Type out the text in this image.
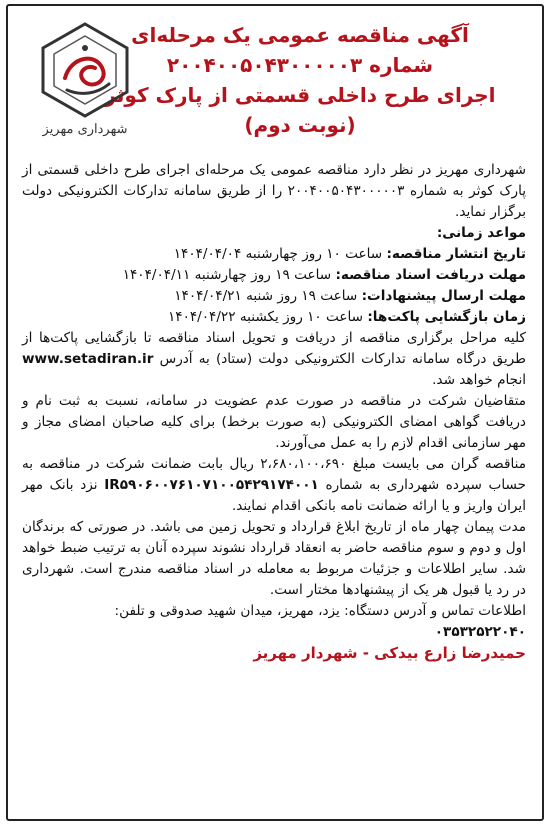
آگهی مناقصه عمومی یک مرحله‌ای
شماره ۲۰۰۴۰۰۵۰۴۳۰۰۰۰۰۳
اجرای طرح داخلی قسمتی از پارک کوثر
(نوبت دوم)
شهرداری مهریز

شهرداری مهریز در نظر دارد مناقصه عمومی یک مرحله‌ای اجرای طرح داخلی قسمتی از پارک کوثر به شماره ۲۰۰۴۰۰۵۰۴۳۰۰۰۰۰۳ را از طریق سامانه تدارکات الکترونیکی دولت برگزار نماید.

مواعد زمانی:

تاریخ انتشار مناقصه: ساعت ۱۰ روز چهارشنبه ۱۴۰۴/۰۴/۰۴

مهلت دریافت اسناد مناقصه: ساعت ۱۹ روز چهارشنبه ۱۴۰۴/۰۴/۱۱

مهلت ارسال پیشنهادات: ساعت ۱۹ روز شنبه ۱۴۰۴/۰۴/۲۱

زمان بازگشایی پاکت‌ها: ساعت ۱۰ روز یکشنبه ۱۴۰۴/۰۴/۲۲

کلیه مراحل برگزاری مناقصه از دریافت و تحویل اسناد مناقصه تا بازگشایی پاکت‌ها از طریق درگاه سامانه تدارکات الکترونیکی دولت (ستاد) به آدرس www.setadiran.ir انجام خواهد شد.

متقاضیان شرکت در مناقصه در صورت عدم عضویت در سامانه، نسبت به ثبت نام و دریافت گواهی امضای الکترونیکی (به صورت برخط) برای کلیه صاحبان امضای مجاز و مهر سازمانی اقدام لازم را به عمل می‌آورند.

مناقصه گران می بایست مبلغ ۲،۶۸۰،۱۰۰،۶۹۰ ریال بابت ضمانت شرکت در مناقصه به حساب سپرده شهرداری به شماره IR۵۹۰۶۰۰۷۶۱۰۷۱۰۰۵۴۲۹۱۷۴۰۰۱ نزد بانک مهر ایران واریز و یا ارائه ضمانت نامه بانکی اقدام نمایند.

مدت پیمان چهار ماه از تاریخ ابلاغ قرارداد و تحویل زمین می باشد. در صورتی که برندگان اول و دوم و سوم مناقصه حاضر به انعقاد قرارداد نشوند سپرده آنان به ترتیب ضبط خواهد شد. سایر اطلاعات و جزئیات مربوط به معامله در اسناد مناقصه مندرج است. شهرداری در رد یا قبول هر یک از پیشنهادها مختار است.

اطلاعات تماس و آدرس دستگاه: یزد، مهریز، میدان شهید صدوقی و تلفن:

۰۳۵۳۲۵۲۲۰۴۰

حمیدرضا زارع بیدکی - شهردار مهریز
